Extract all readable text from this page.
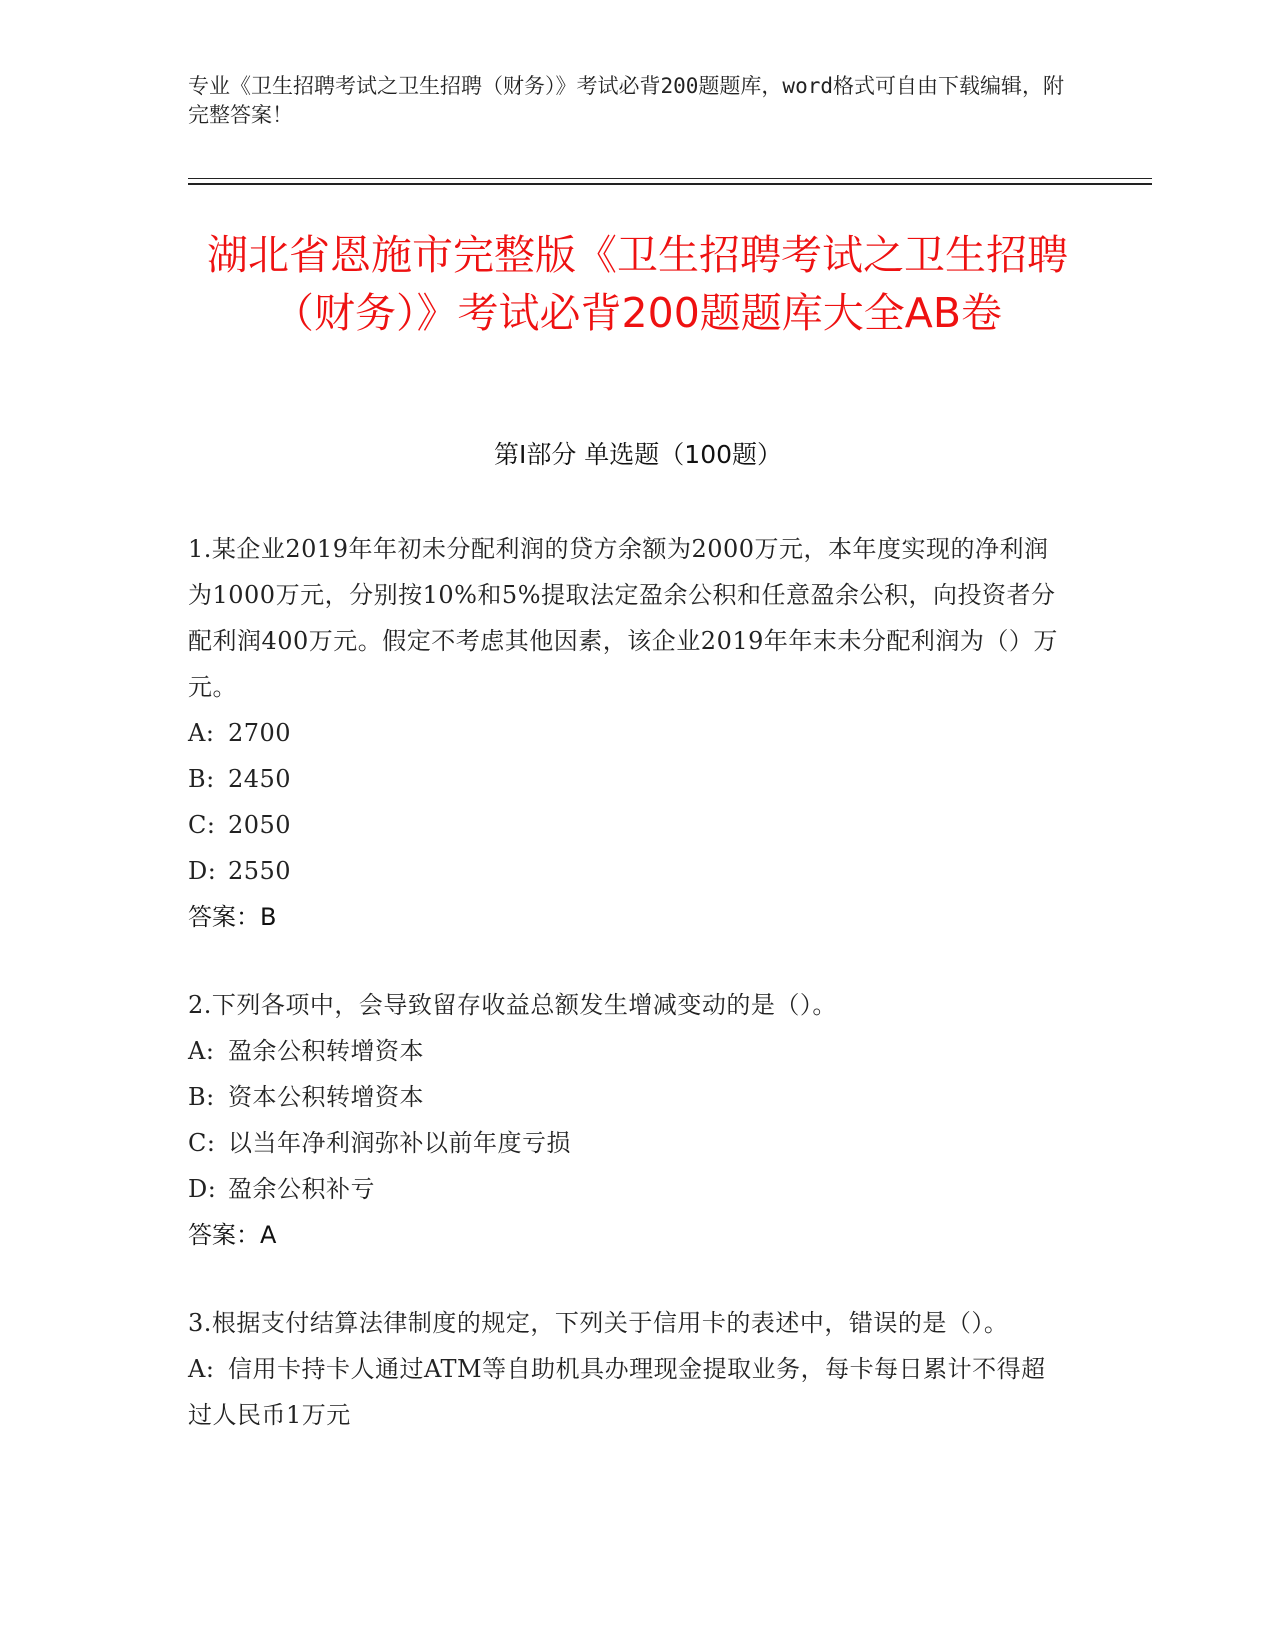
专业《卫生招聘考试之卫生招聘（财务）》考试必背200题题库，word格式可自由下载编辑，附完整答案！
湖北省恩施市完整版《卫生招聘考试之卫生招聘（财务）》考试必背200题题库大全AB卷
第I部分 单选题（100题）
1.某企业2019年年初未分配利润的贷方余额为2000万元，本年度实现的净利润为1000万元，分别按10%和5%提取法定盈余公积和任意盈余公积，向投资者分配利润400万元。假定不考虑其他因素，该企业2019年年末未分配利润为（）万元。
A: 2700
B: 2450
C: 2050
D: 2550
答案：B
2.下列各项中，会导致留存收益总额发生增减变动的是（）。
A: 盈余公积转增资本
B: 资本公积转增资本
C: 以当年净利润弥补以前年度亏损
D: 盈余公积补亏
答案：A
3.根据支付结算法律制度的规定，下列关于信用卡的表述中，错误的是（）。
A: 信用卡持卡人通过ATM等自助机具办理现金提取业务，每卡每日累计不得超过人民币1万元
